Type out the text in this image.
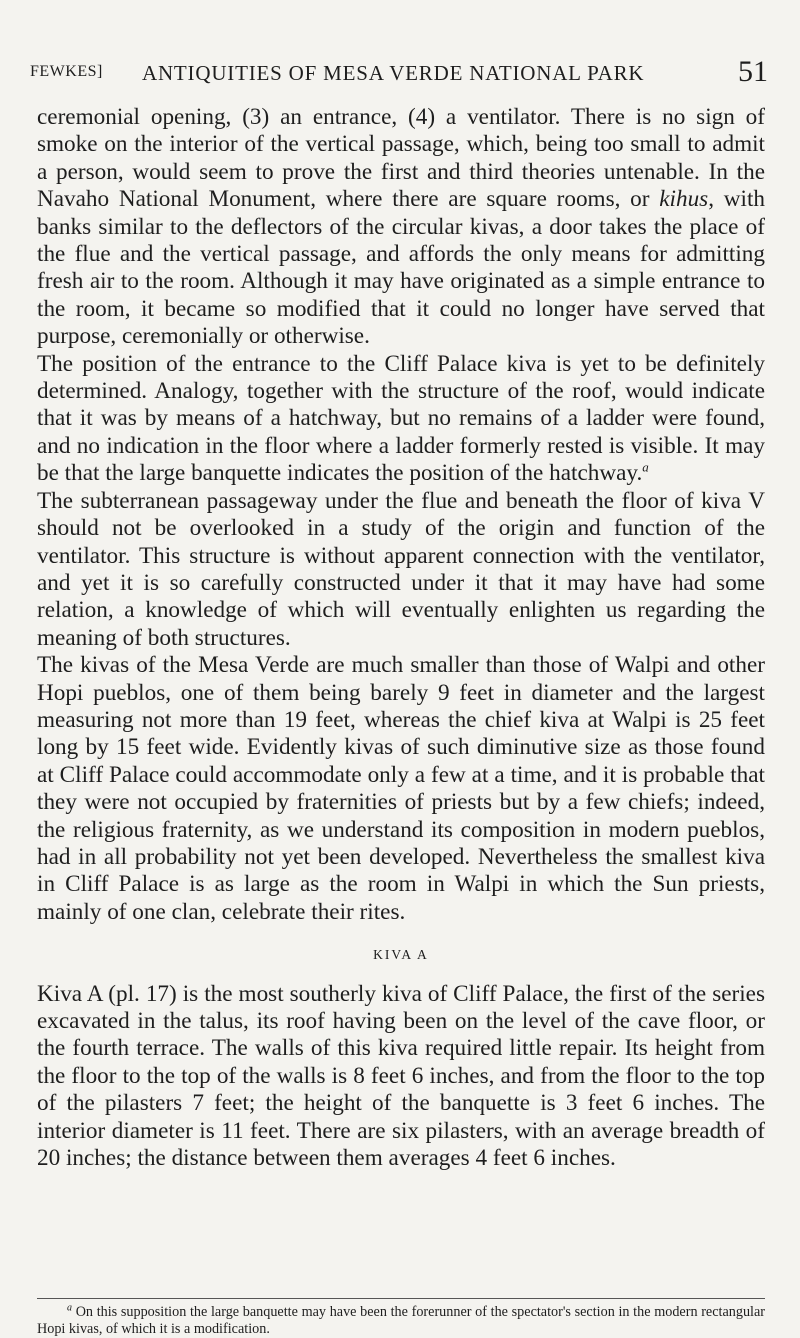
FEWKES] ANTIQUITIES OF MESA VERDE NATIONAL PARK	51

ceremonial opening, (3) an entrance, (4) a ventilator. There is no sign of smoke on the interior of the vertical passage, which, being too small to admit a person, would seem to prove the first and third theories untenable. In the Navaho National Monument, where there are square rooms, or kihus, with banks similar to the deflectors of the circular kivas, a door takes the place of the flue and the vertical passage, and affords the only means for admitting fresh air to the room. Although it may have originated as a simple entrance to the room, it became so modified that it could no longer have served that purpose, ceremonially or otherwise.

The position of the entrance to the Cliff Palace kiva is yet to be definitely determined. Analogy, together with the structure of the roof, would indicate that it was by means of a hatchway, but no remains of a ladder were found, and no indication in the floor where a ladder formerly rested is visible. It may be that the large banquette indicates the position of the hatchway.$^a$

The subterranean passageway under the flue and beneath the floor of kiva V should not be overlooked in a study of the origin and function of the ventilator. This structure is without apparent connection with the ventilator, and yet it is so carefully constructed under it that it may have had some relation, a knowledge of which will eventually enlighten us regarding the meaning of both structures.

The kivas of the Mesa Verde are much smaller than those of Walpi and other Hopi pueblos, one of them being barely 9 feet in diameter and the largest measuring not more than 19 feet, whereas the chief kiva at Walpi is 25 feet long by 15 feet wide. Evidently kivas of such diminutive size as those found at Cliff Palace could accommodate only a few at a time, and it is probable that they were not occupied by fraternities of priests but by a few chiefs; indeed, the religious fraternity, as we understand its composition in modern pueblos, had in all probability not yet been developed. Nevertheless the smallest kiva in Cliff Palace is as large as the room in Walpi in which the Sun priests, mainly of one clan, celebrate their rites.

KIVA A

Kiva A (pl. 17) is the most southerly kiva of Cliff Palace, the first of the series excavated in the talus, its roof having been on the level of the cave floor, or the fourth terrace. The walls of this kiva required little repair. Its height from the floor to the top of the walls is 8 feet 6 inches, and from the floor to the top of the pilasters 7 feet; the height of the banquette is 3 feet 6 inches. The interior diameter is 11 feet. There are six pilasters, with an average breadth of 20 inches; the distance between them averages 4 feet 6 inches.

$^a$ On this supposition the large banquette may have been the forerunner of the spectator's section in the modern rectangular Hopi kivas, of which it is a modification.
